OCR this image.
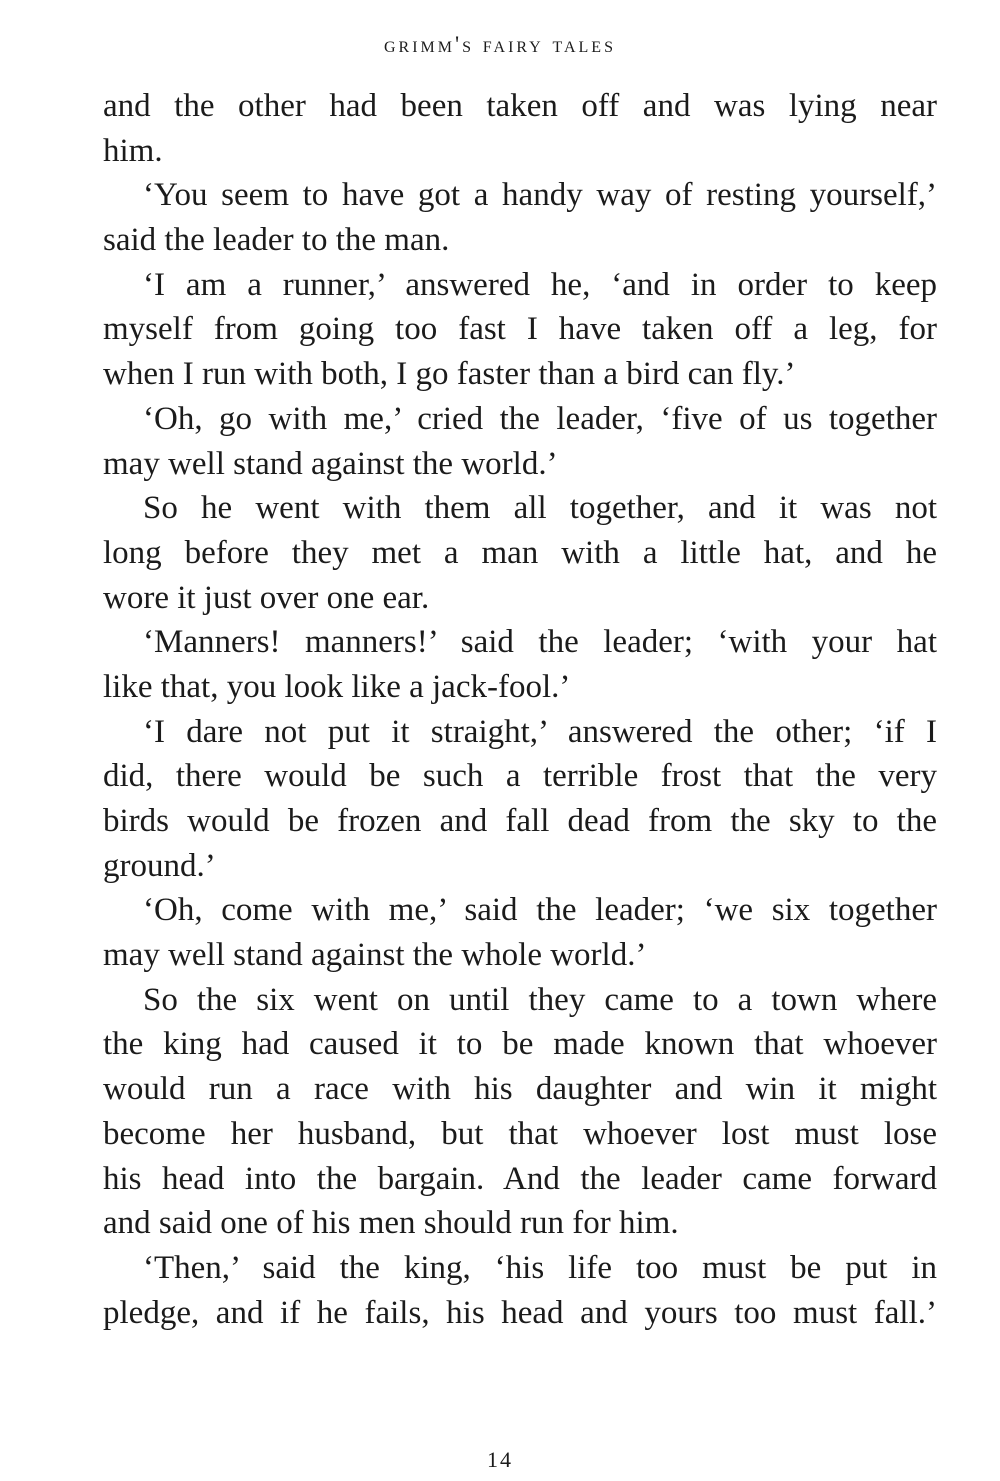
grimm's fairy tales
and the other had been taken off and was lying near
him.
‘You seem to have got a handy way of resting yourself,’
said the leader to the man.
‘I am a runner,’ answered he, ‘and in order to keep
myself from going too fast I have taken off a leg, for
when I run with both, I go faster than a bird can fly.’
‘Oh, go with me,’ cried the leader, ‘five of us together
may well stand against the world.’
So he went with them all together, and it was not
long before they met a man with a little hat, and he
wore it just over one ear.
‘Manners! manners!’ said the leader; ‘with your hat
like that, you look like a jack-fool.’
‘I dare not put it straight,’ answered the other; ‘if I
did, there would be such a terrible frost that the very
birds would be frozen and fall dead from the sky to the
ground.’
‘Oh, come with me,’ said the leader; ‘we six together
may well stand against the whole world.’
So the six went on until they came to a town where
the king had caused it to be made known that whoever
would run a race with his daughter and win it might
become her husband, but that whoever lost must lose
his head into the bargain. And the leader came forward
and said one of his men should run for him.
‘Then,’ said the king, ‘his life too must be put in
pledge, and if he fails, his head and yours too must fall.’
14
